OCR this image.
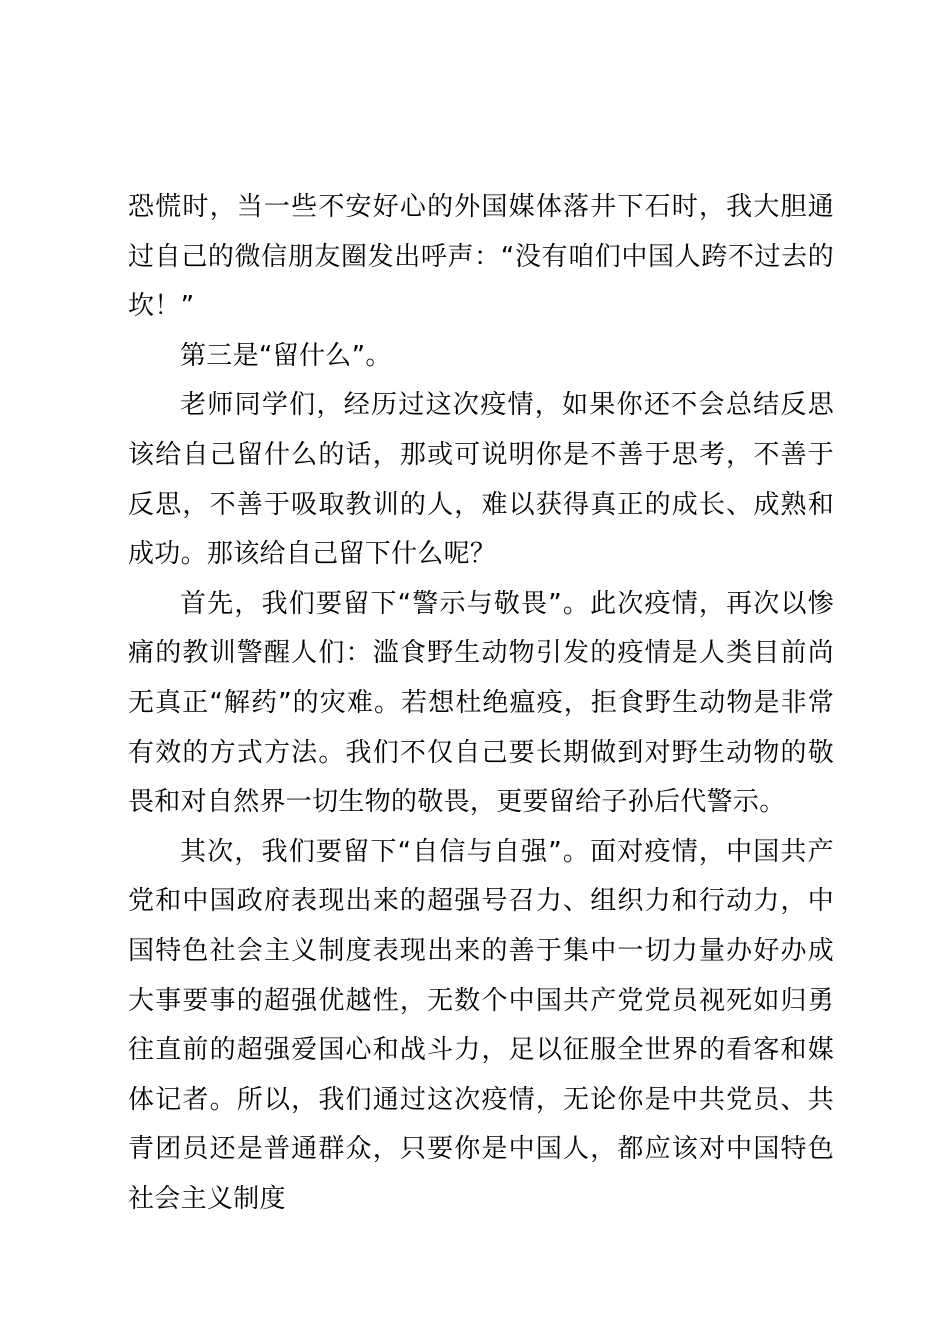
恐慌时，当一些不安好心的外国媒体落井下石时，我大胆通过自己的微信朋友圈发出呼声：“没有咱们中国人跨不过去的坎！”

第三是“留什么”。

老师同学们，经历过这次疫情，如果你还不会总结反思该给自己留什么的话，那或可说明你是不善于思考，不善于反思，不善于吸取教训的人，难以获得真正的成长、成熟和成功。那该给自己留下什么呢？

首先，我们要留下“警示与敬畏”。此次疫情，再次以惨痛的教训警醒人们：滥食野生动物引发的疫情是人类目前尚无真正“解药”的灾难。若想杜绝瘟疫，拒食野生动物是非常有效的方式方法。我们不仅自己要长期做到对野生动物的敬畏和对自然界一切生物的敬畏，更要留给子孙后代警示。

其次，我们要留下“自信与自强”。面对疫情，中国共产党和中国政府表现出来的超强号召力、组织力和行动力，中国特色社会主义制度表现出来的善于集中一切力量办好办成大事要事的超强优越性，无数个中国共产党党员视死如归勇往直前的超强爱国心和战斗力，足以征服全世界的看客和媒体记者。所以，我们通过这次疫情，无论你是中共党员、共青团员还是普通群众，只要你是中国人，都应该对中国特色社会主义制度
